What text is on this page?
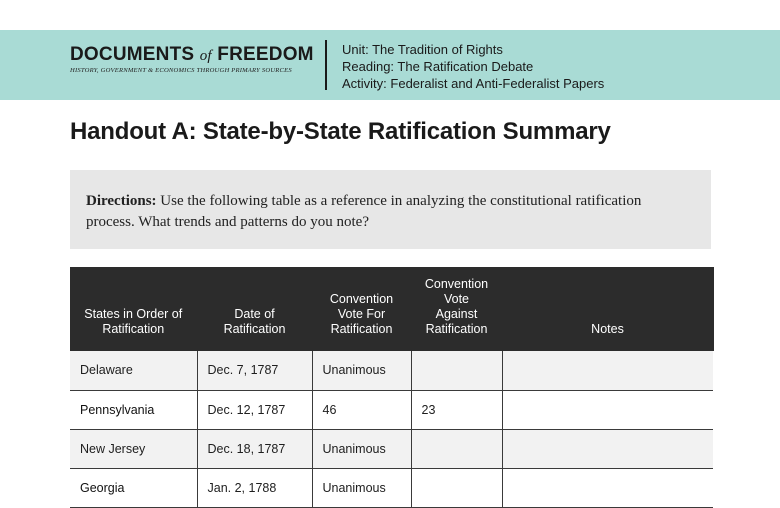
DOCUMENTS of FREEDOM
HISTORY, GOVERNMENT & ECONOMICS THROUGH PRIMARY SOURCES
Unit: The Tradition of Rights
Reading: The Ratification Debate
Activity: Federalist and Anti-Federalist Papers
Handout A: State-by-State Ratification Summary
Directions: Use the following table as a reference in analyzing the constitutional ratification process. What trends and patterns do you note?
States in Order of
Ratification	Date of
Ratification	Convention
Vote For
Ratification	Convention
Vote
Against
Ratification	Notes

Delaware	Dec. 7, 1787	Unanimous		
Pennsylvania	Dec. 12, 1787	46	23	
New Jersey	Dec. 18, 1787	Unanimous		
Georgia	Jan. 2, 1788	Unanimous		
